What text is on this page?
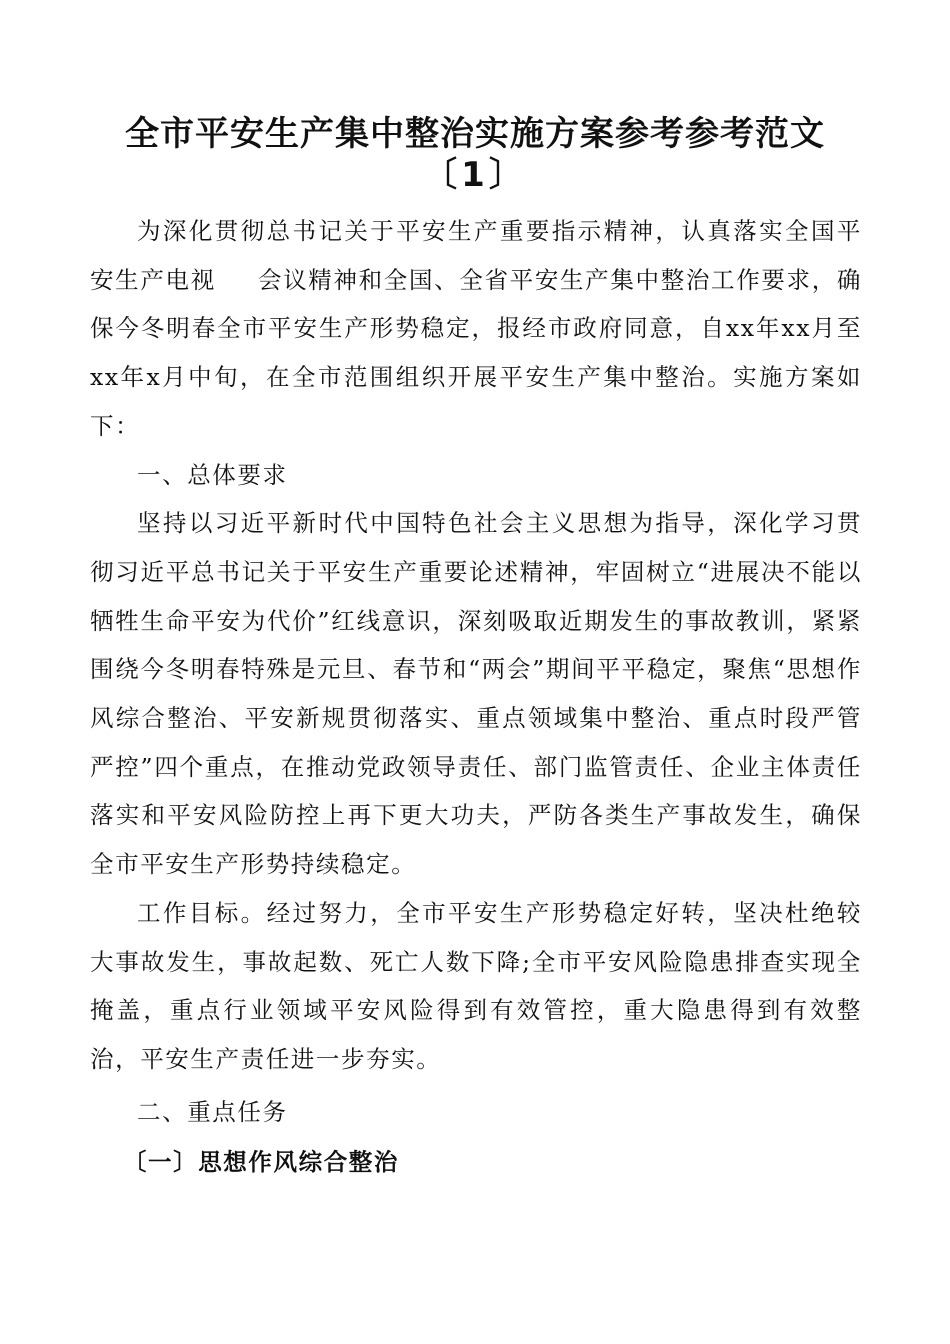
全市平安生产集中整治实施方案参考参考范文
〔1〕

为深化贯彻总书记关于平安生产重要指示精神，认真落实全国平安生产电视 会议精神和全国、全省平安生产集中整治工作要求，确保今冬明春全市平安生产形势稳定，报经市政府同意，自xx年xx月至xx年x月中旬，在全市范围组织开展平安生产集中整治。实施方案如下：

一、总体要求

坚持以习近平新时代中国特色社会主义思想为指导，深化学习贯彻习近平总书记关于平安生产重要论述精神，牢固树立“进展决不能以牺牲生命平安为代价”红线意识，深刻吸取近期发生的事故教训，紧紧围绕今冬明春特殊是元旦、春节和“两会”期间平平稳定，聚焦“思想作风综合整治、平安新规贯彻落实、重点领域集中整治、重点时段严管严控”四个重点，在推动党政领导责任、部门监管责任、企业主体责任落实和平安风险防控上再下更大功夫，严防各类生产事故发生，确保全市平安生产形势持续稳定。

工作目标。经过努力，全市平安生产形势稳定好转，坚决杜绝较大事故发生，事故起数、死亡人数下降;全市平安风险隐患排查实现全掩盖，重点行业领域平安风险得到有效管控，重大隐患得到有效整治，平安生产责任进一步夯实。

二、重点任务

〔一〕思想作风综合整治
